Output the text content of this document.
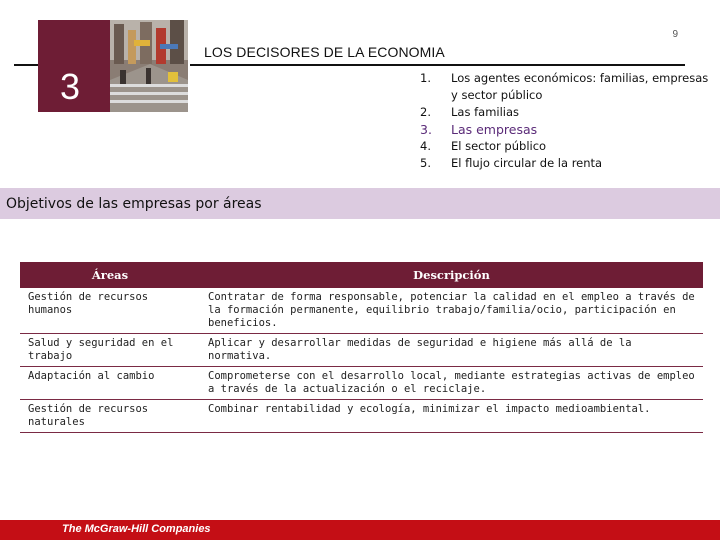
9
3
LOS DECISORES DE LA ECONOMIA
1.	Los agentes económicos: familias, empresas y sector público
2.	Las familias
3.	Las empresas
4.	El sector público
5.	El flujo circular de la renta
Objetivos de las empresas por áreas
Áreas	Descripción
Gestión de recursos humanos	Contratar de forma responsable, potenciar la calidad en el empleo a través de la formación permanente, equilibrio trabajo/familia/ocio, participación en beneficios.
Salud y seguridad en el trabajo	Aplicar y desarrollar medidas de seguridad e higiene más allá de la normativa.
Adaptación al cambio	Comprometerse con el desarrollo local, mediante estrategias activas de empleo a través de la actualización o el reciclaje.
Gestión de recursos naturales	Combinar rentabilidad y ecología, minimizar el impacto medioambiental.
The McGraw-Hill Companies
